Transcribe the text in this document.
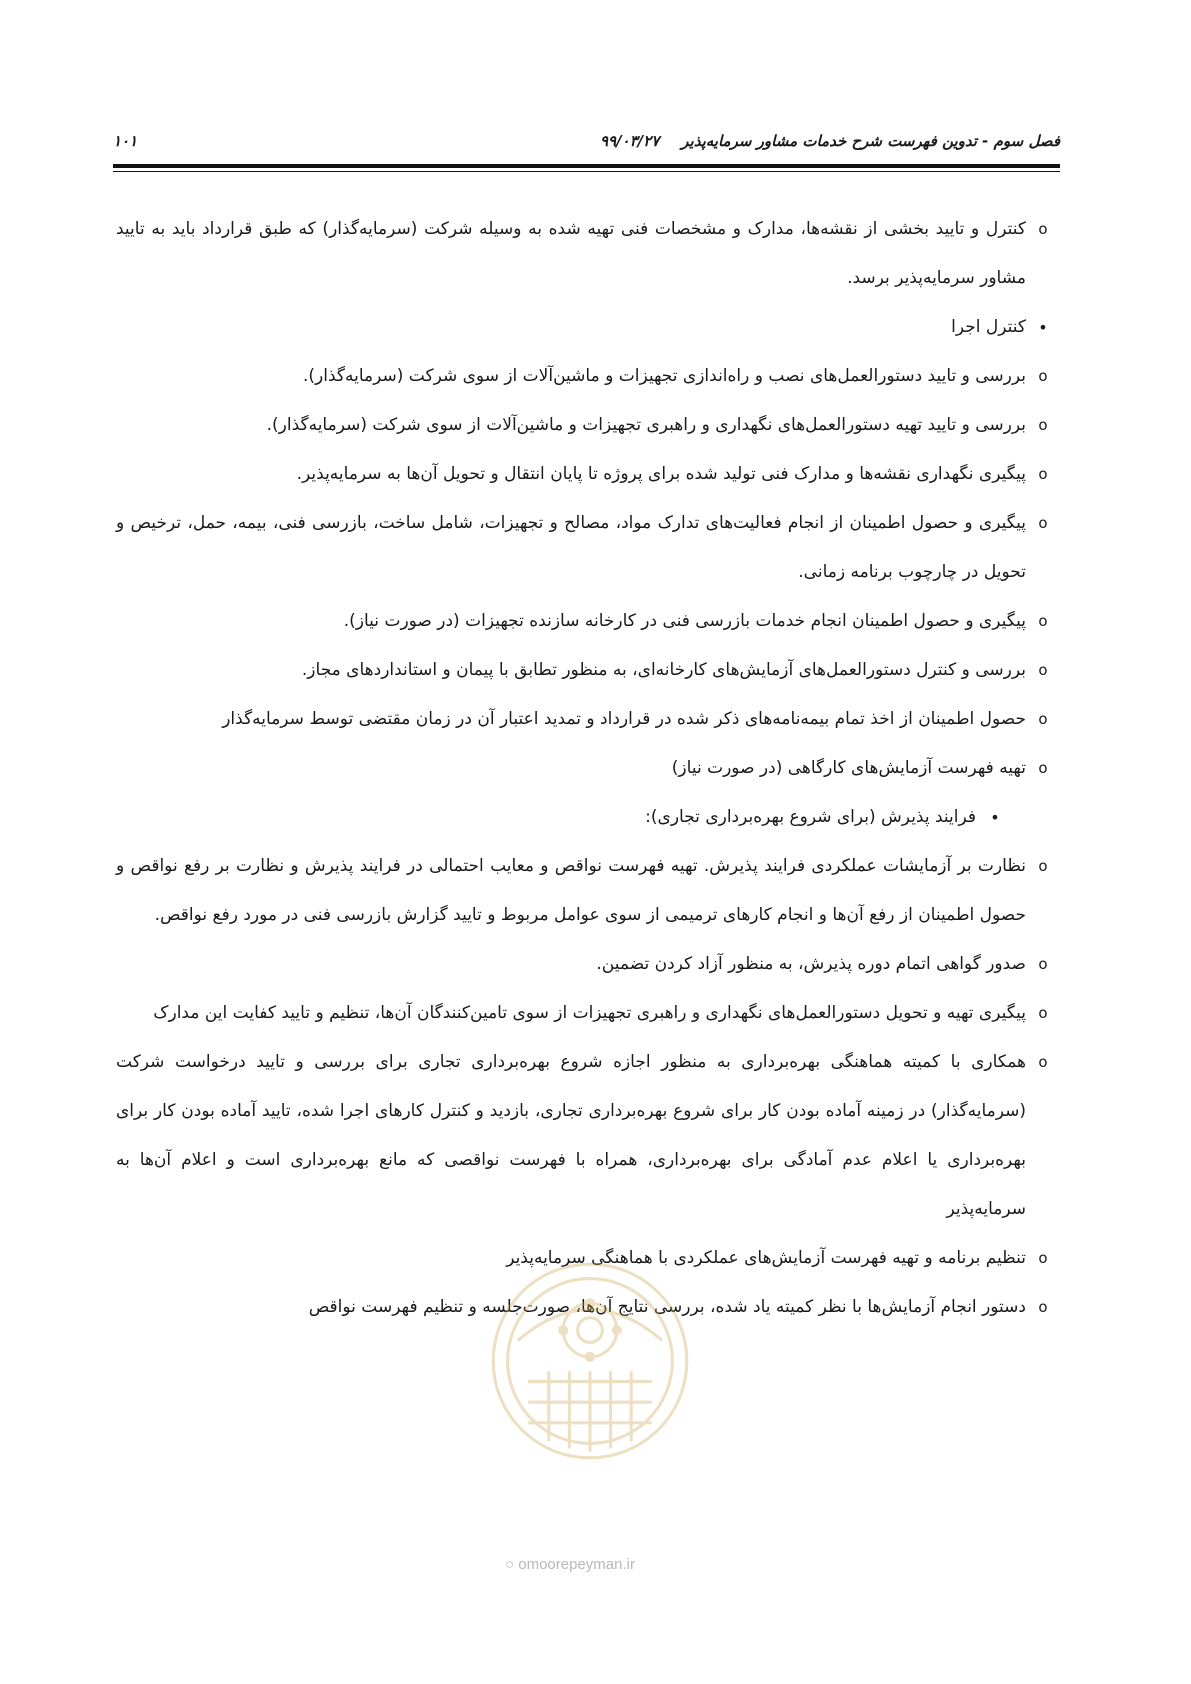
فصل سوم - تدوین فهرست شرح خدمات مشاور سرمایه‌پذیر۹۹/۰۳/۲۷
۱۰۱

o
کنترل و تایید بخشی از نقشه‌ها، مدارک و مشخصات فنی تهیه شده به وسیله شرکت (سرمایه‌گذار) که طبق قرارداد باید به تایید مشاور سرمایه‌پذیر برسد.

•
کنترل اجرا

o
بررسی و تایید دستورالعمل‌های نصب و راه‌اندازی تجهیزات و ماشین‌آلات از سوی شرکت (سرمایه‌گذار).

o
بررسی و تایید تهیه دستورالعمل‌های نگهداری و راهبری تجهیزات و ماشین‌آلات از سوی شرکت (سرمایه‌گذار).

o
پیگیری نگهداری نقشه‌ها و مدارک فنی تولید شده برای پروژه تا پایان انتقال و تحویل آن‌ها به سرمایه‌پذیر.

o
پیگیری و حصول اطمینان از انجام فعالیت‌های تدارک مواد، مصالح و تجهیزات، شامل ساخت، بازرسی فنی، بیمه، حمل، ترخیص و تحویل در چارچوب برنامه زمانی.

o
پیگیری و حصول اطمینان انجام خدمات بازرسی فنی در کارخانه سازنده تجهیزات (در صورت نیاز).

o
بررسی و کنترل دستورالعمل‌های آزمایش‌های کارخانه‌ای، به منظور تطابق با پیمان و استانداردهای مجاز.

o
حصول اطمینان از اخذ تمام بیمه‌نامه‌های ذکر شده در قرارداد و تمدید اعتبار آن در زمان مقتضی توسط سرمایه‌گذار

o
تهیه فهرست آزمایش‌های کارگاهی (در صورت نیاز)

•
فرایند پذیرش (برای شروع بهره‌برداری تجاری):

o
نظارت بر آزمایشات عملکردی فرایند پذیرش. تهیه فهرست نواقص و معایب احتمالی در فرایند پذیرش و نظارت بر رفع نواقص و حصول اطمینان از رفع آن‌ها و انجام کارهای ترمیمی از سوی عوامل مربوط و تایید گزارش بازرسی فنی در مورد رفع نواقص.

o
صدور گواهی اتمام دوره پذیرش، به منظور آزاد کردن تضمین.

o
پیگیری تهیه و تحویل دستورالعمل‌های نگهداری و راهبری تجهیزات از سوی تامین‌کنندگان آن‌ها، تنظیم و تایید کفایت این مدارک

o
همکاری با کمیته هماهنگی بهره‌برداری به منظور اجازه شروع بهره‌برداری تجاری برای بررسی و تایید درخواست شرکت (سرمایه‌گذار) در زمینه آماده بودن کار برای شروع بهره‌برداری تجاری، بازدید و کنترل کارهای اجرا شده، تایید آماده بودن کار برای بهره‌برداری یا اعلام عدم آمادگی برای بهره‌برداری، همراه با فهرست نواقصی که مانع بهره‌برداری است و اعلام آن‌ها به سرمایه‌پذیر

o
تنظیم برنامه و تهیه فهرست آزمایش‌های عملکردی با هماهنگی سرمایه‌پذیر

o
دستور انجام آزمایش‌ها با نظر کمیته یاد شده، بررسی نتایج آن‌ها، صورت‌جلسه و تنظیم فهرست نواقص

○ omoorepeyman.ir
